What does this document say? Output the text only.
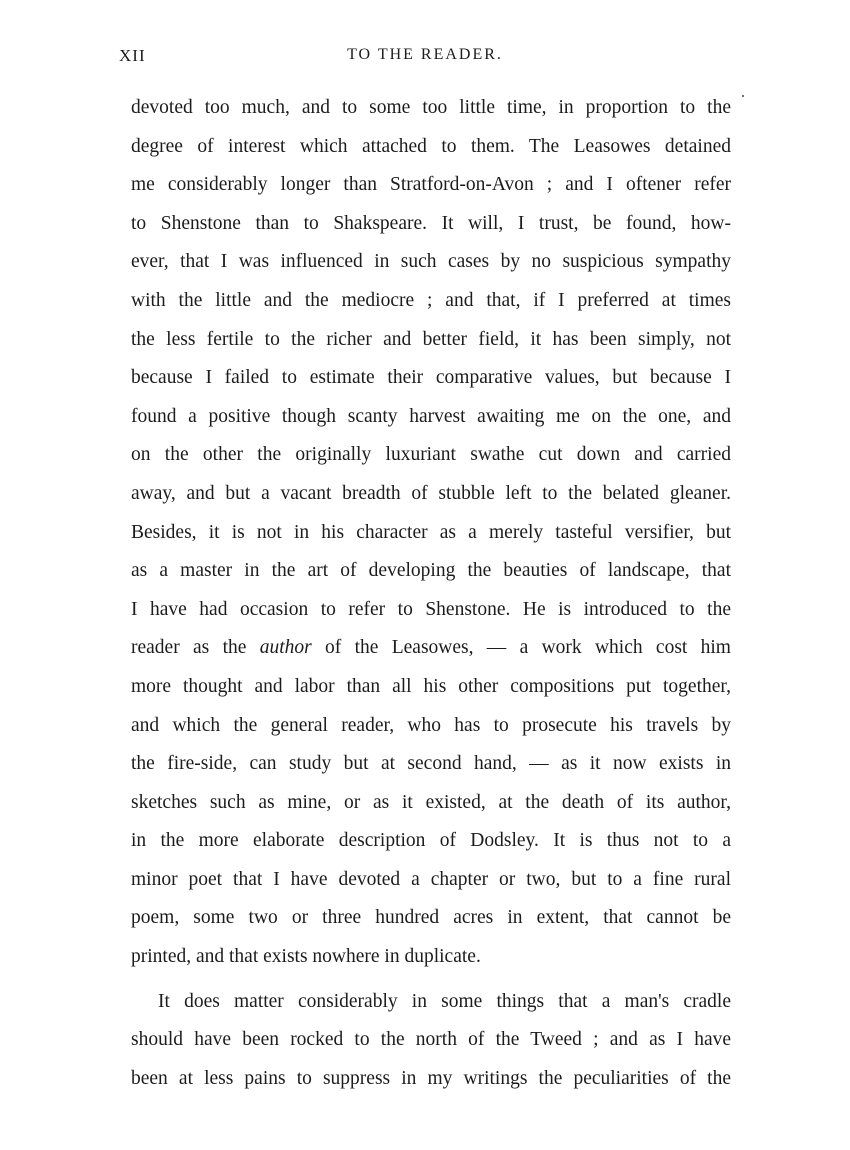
XII	TO THE READER.
devoted too much, and to some too little time, in proportion to the
degree of interest which attached to them. The Leasowes detained
me considerably longer than Stratford-on-Avon ; and I oftener refer
to Shenstone than to Shakspeare. It will, I trust, be found, how-
ever, that I was influenced in such cases by no suspicious sympathy
with the little and the mediocre ; and that, if I preferred at times
the less fertile to the richer and better field, it has been simply, not
because I failed to estimate their comparative values, but because I
found a positive though scanty harvest awaiting me on the one, and
on the other the originally luxuriant swathe cut down and carried
away, and but a vacant breadth of stubble left to the belated gleaner.
Besides, it is not in his character as a merely tasteful versifier, but
as a master in the art of developing the beauties of landscape, that
I have had occasion to refer to Shenstone. He is introduced to the
reader as the author of the Leasowes, — a work which cost him
more thought and labor than all his other compositions put together,
and which the general reader, who has to prosecute his travels by
the fire-side, can study but at second hand, — as it now exists in
sketches such as mine, or as it existed, at the death of its author,
in the more elaborate description of Dodsley. It is thus not to a
minor poet that I have devoted a chapter or two, but to a fine rural
poem, some two or three hundred acres in extent, that cannot be
printed, and that exists nowhere in duplicate.
It does matter considerably in some things that a man's cradle
should have been rocked to the north of the Tweed ; and as I have
been at less pains to suppress in my writings the peculiarities of the
